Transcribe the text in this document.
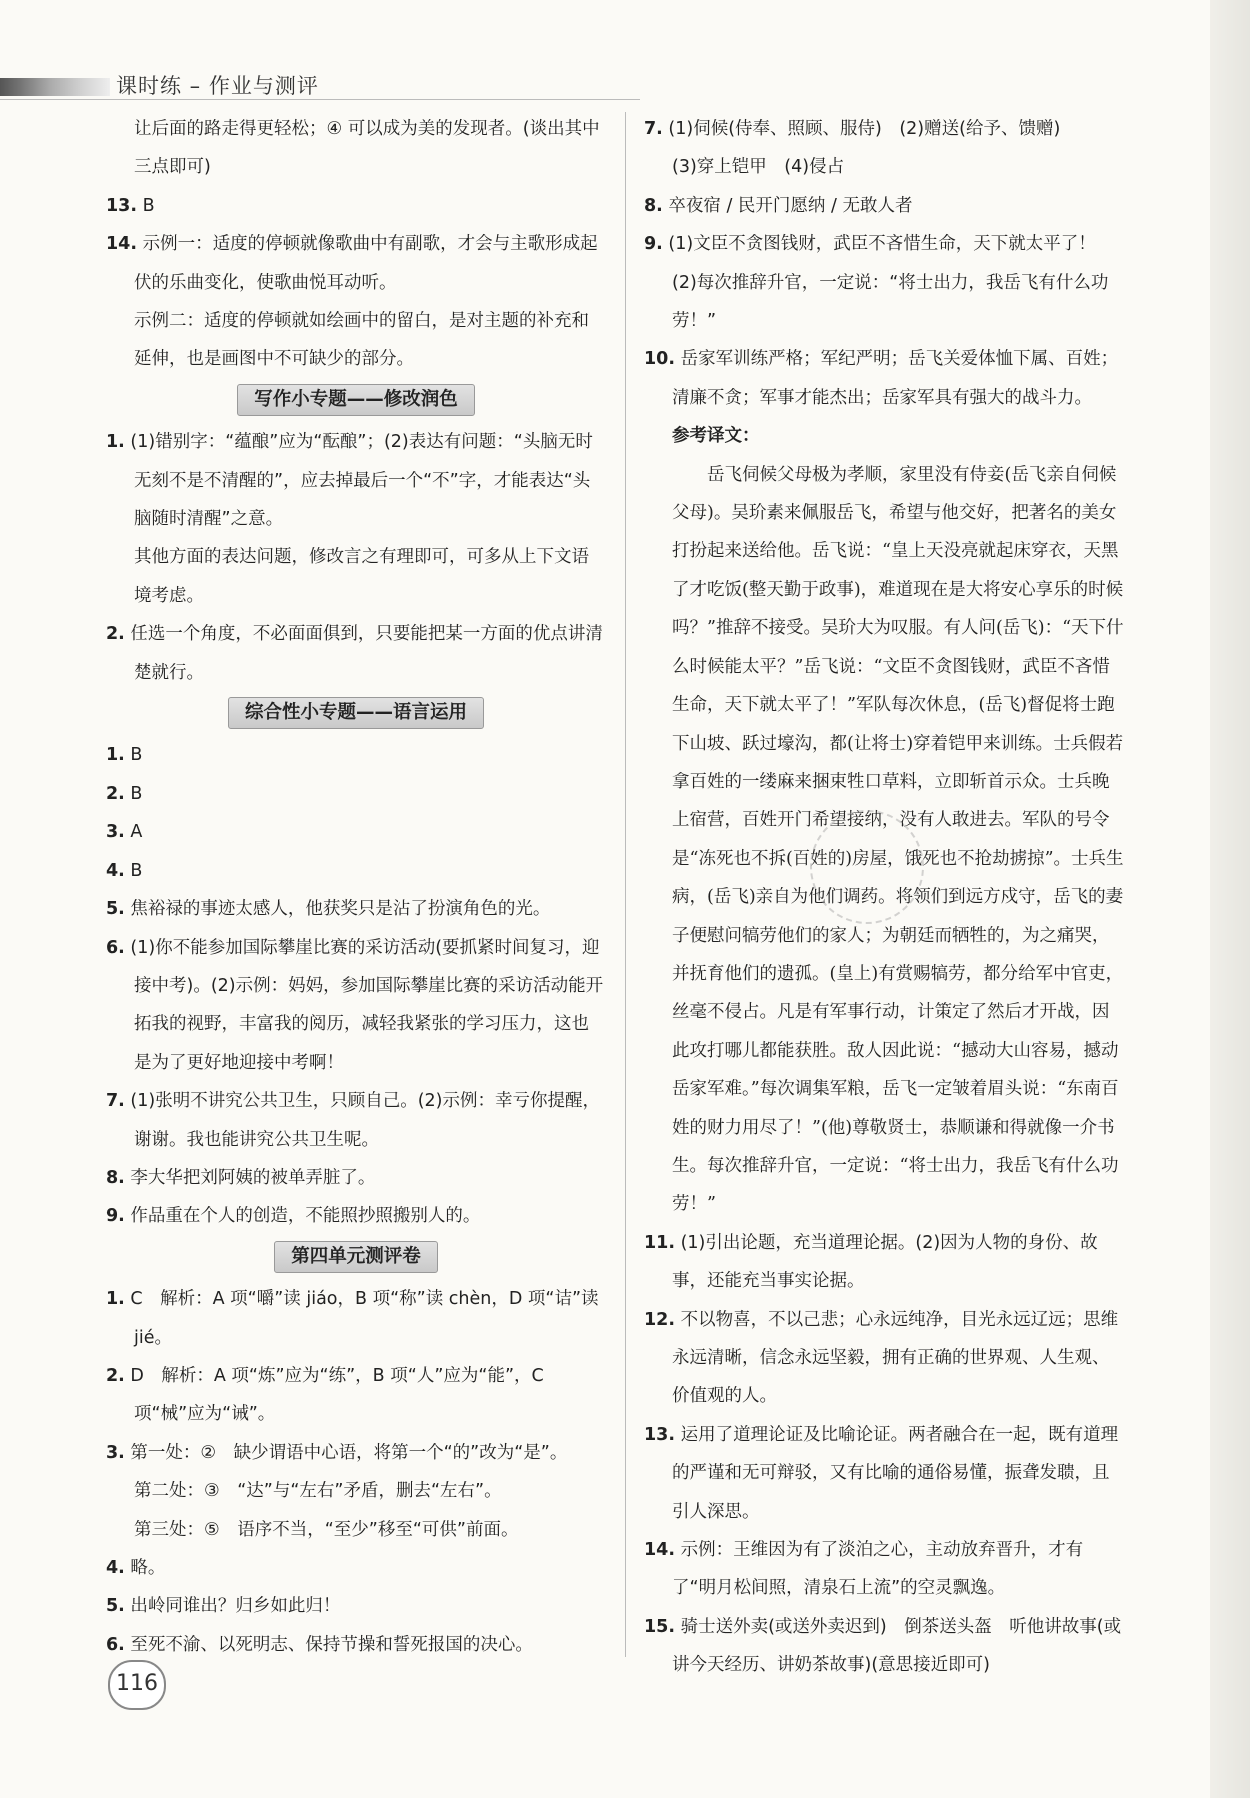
课时练 – 作业与测评

让后面的路走得更轻松；④ 可以成为美的发现者。(谈出其中三点即可)

13. B

14. 示例一：适度的停顿就像歌曲中有副歌，才会与主歌形成起伏的乐曲变化，使歌曲悦耳动听。

示例二：适度的停顿就如绘画中的留白，是对主题的补充和延伸，也是画图中不可缺少的部分。

写作小专题——修改润色

1. (1)错别字：“蕴酿”应为“酝酿”；(2)表达有问题：“头脑无时无刻不是不清醒的”，应去掉最后一个“不”字，才能表达“头脑随时清醒”之意。

其他方面的表达问题，修改言之有理即可，可多从上下文语境考虑。

2. 任选一个角度，不必面面俱到，只要能把某一方面的优点讲清楚就行。

综合性小专题——语言运用

1. B

2. B

3. A

4. B

5. 焦裕禄的事迹太感人，他获奖只是沾了扮演角色的光。

6. (1)你不能参加国际攀崖比赛的采访活动(要抓紧时间复习，迎接中考)。(2)示例：妈妈，参加国际攀崖比赛的采访活动能开拓我的视野，丰富我的阅历，减轻我紧张的学习压力，这也是为了更好地迎接中考啊！

7. (1)张明不讲究公共卫生，只顾自己。(2)示例：幸亏你提醒，谢谢。我也能讲究公共卫生呢。

8. 李大华把刘阿姨的被单弄脏了。

9. 作品重在个人的创造，不能照抄照搬别人的。

第四单元测评卷

1. C　解析：A 项“嚼”读 jiáo，B 项“称”读 chèn，D 项“诘”读 jié。

2. D　解析：A 项“炼”应为“练”，B 项“人”应为“能”，C 项“械”应为“诫”。

3. 第一处：②　缺少谓语中心语，将第一个“的”改为“是”。

第二处：③　“达”与“左右”矛盾，删去“左右”。

第三处：⑤　语序不当，“至少”移至“可供”前面。

4. 略。

5. 出岭同谁出？归乡如此归！

6. 至死不渝、以死明志、保持节操和誓死报国的决心。

7. (1)伺候(侍奉、照顾、服侍)　(2)赠送(给予、馈赠)

(3)穿上铠甲　(4)侵占

8. 卒夜宿 / 民开门愿纳 / 无敢人者

9. (1)文臣不贪图钱财，武臣不吝惜生命，天下就太平了！

(2)每次推辞升官，一定说：“将士出力，我岳飞有什么功劳！”

10. 岳家军训练严格；军纪严明；岳飞关爱体恤下属、百姓；清廉不贪；军事才能杰出；岳家军具有强大的战斗力。

参考译文：

岳飞伺候父母极为孝顺，家里没有侍妾(岳飞亲自伺候父母)。吴玠素来佩服岳飞，希望与他交好，把著名的美女打扮起来送给他。岳飞说：“皇上天没亮就起床穿衣，天黑了才吃饭(整天勤于政事)，难道现在是大将安心享乐的时候吗？”推辞不接受。吴玠大为叹服。有人问(岳飞)：“天下什么时候能太平？”岳飞说：“文臣不贪图钱财，武臣不吝惜生命，天下就太平了！”军队每次休息，(岳飞)督促将士跑下山坡、跃过壕沟，都(让将士)穿着铠甲来训练。士兵假若拿百姓的一缕麻来捆束牲口草料，立即斩首示众。士兵晚上宿营，百姓开门希望接纳，没有人敢进去。军队的号令是“冻死也不拆(百姓的)房屋，饿死也不抢劫掳掠”。士兵生病，(岳飞)亲自为他们调药。将领们到远方戍守，岳飞的妻子便慰问犒劳他们的家人；为朝廷而牺牲的，为之痛哭，并抚育他们的遗孤。(皇上)有赏赐犒劳，都分给军中官吏，丝毫不侵占。凡是有军事行动，计策定了然后才开战，因此攻打哪儿都能获胜。敌人因此说：“撼动大山容易，撼动岳家军难。”每次调集军粮，岳飞一定皱着眉头说：“东南百姓的财力用尽了！”(他)尊敬贤士，恭顺谦和得就像一介书生。每次推辞升官，一定说：“将士出力，我岳飞有什么功劳！”

11. (1)引出论题，充当道理论据。(2)因为人物的身份、故事，还能充当事实论据。

12. 不以物喜，不以己悲；心永远纯净，目光永远辽远；思维永远清晰，信念永远坚毅，拥有正确的世界观、人生观、价值观的人。

13. 运用了道理论证及比喻论证。两者融合在一起，既有道理的严谨和无可辩驳，又有比喻的通俗易懂，振聋发聩，且引人深思。

14. 示例：王维因为有了淡泊之心，主动放弃晋升，才有了“明月松间照，清泉石上流”的空灵飘逸。

15. 骑士送外卖(或送外卖迟到)　倒茶送头盔　听他讲故事(或讲今天经历、讲奶茶故事)(意思接近即可)

116
